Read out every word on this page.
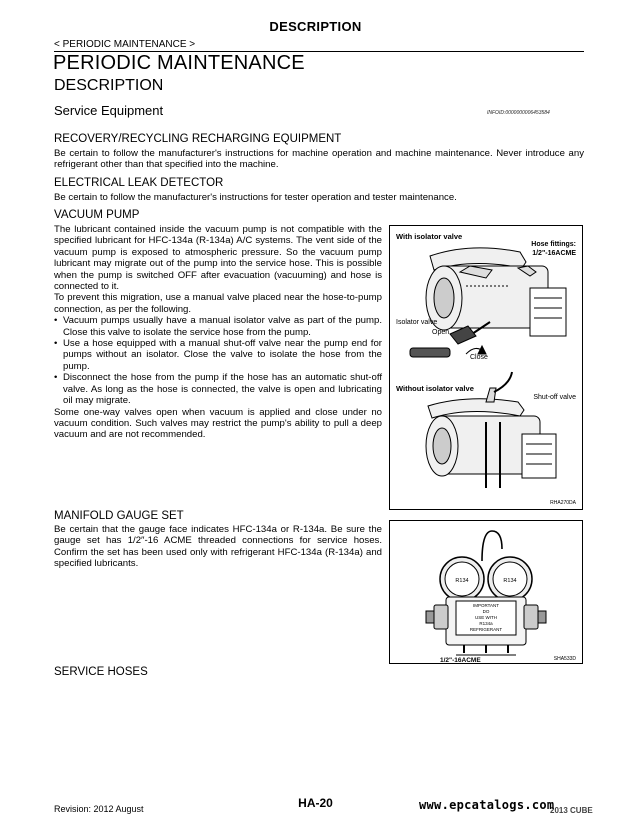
DESCRIPTION
< PERIODIC MAINTENANCE >
PERIODIC MAINTENANCE
DESCRIPTION
Service Equipment	INFOID:0000000006453584
RECOVERY/RECYCLING RECHARGING EQUIPMENT
Be certain to follow the manufacturer's instructions for machine operation and machine maintenance. Never introduce any refrigerant other than that specified into the machine.
ELECTRICAL LEAK DETECTOR
Be certain to follow the manufacturer's instructions for tester operation and tester maintenance.
VACUUM PUMP

The lubricant contained inside the vacuum pump is not compatible with the specified lubricant for HFC-134a (R-134a) A/C systems. The vent side of the vacuum pump is exposed to atmospheric pressure. So the vacuum pump lubricant may migrate out of the pump into the service hose. This is possible when the pump is switched OFF after evacuation (vacuuming) and hose is connected to it.

To prevent this migration, use a manual valve placed near the hose-to-pump connection, as per the following.

• Vacuum pumps usually have a manual isolator valve as part of the pump. Close this valve to isolate the service hose from the pump.
• Use a hose equipped with a manual shut-off valve near the pump end for pumps without an isolator. Close the valve to isolate the hose from the pump.
• Disconnect the hose from the pump if the hose has an automatic shut-off valve. As long as the hose is connected, the valve is open and lubricating oil may migrate.

Some one-way valves open when vacuum is applied and close under no vacuum condition. Such valves may restrict the pump's ability to pull a deep vacuum and are not recommended.

With isolator valve
Hose fittings:
1/2"-16ACME
Isolator valve
Open
Close
Without isolator valve
Shut-off valve
RHA270DA
MANIFOLD GAUGE SET
Be certain that the gauge face indicates HFC-134a or R-134a. Be sure the gauge set has 1/2″-16 ACME threaded connections for service hoses. Confirm the set has been used only with refrigerant HFC-134a (R-134a) and specified lubricants.
R134	R134
IMPORTANT
DO
USE WITH
R134a
REFRIGERANT
1/2"-16ACME	SHA533D
SERVICE HOSES
Revision: 2012 August	HA-20
2013 CUBE
www.epcatalogs.com
